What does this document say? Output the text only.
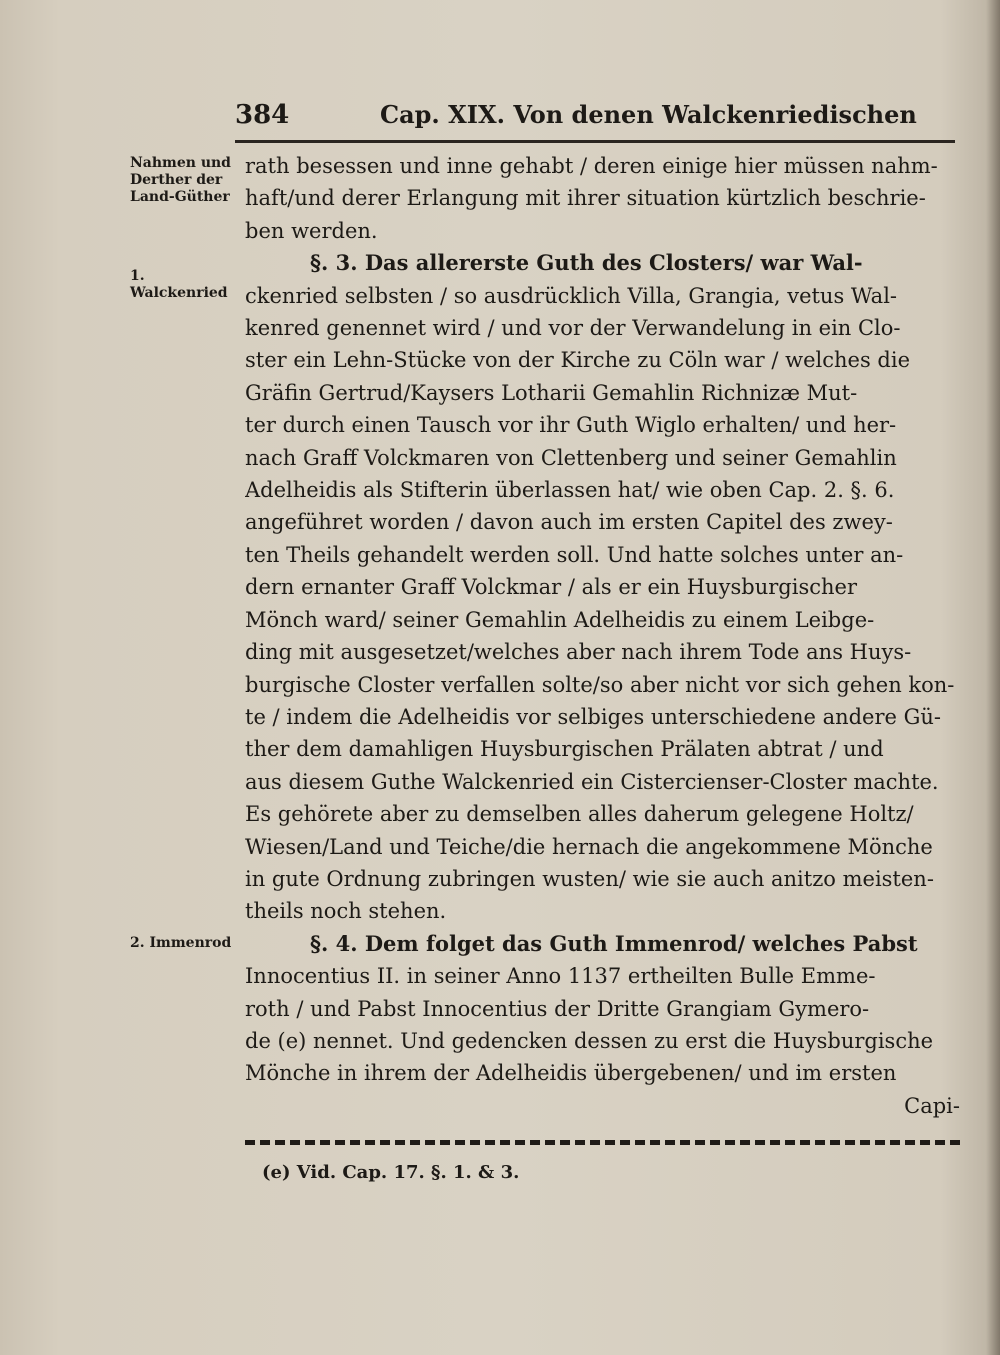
384	Cap. XIX. Von denen Walckenriedischen
Nahmen und Derther der Land-Güther
1. Walckenried
2. Immenrod
rath besessen und inne gehabt / deren einige hier müssen nahm-
haft/und derer Erlangung mit ihrer situation kürtzlich beschrie-
ben werden.
§. 3. Das allererste Guth des Closters/ war Wal-
ckenried selbsten / so ausdrücklich Villa, Grangia, vetus Wal-
kenred genennet wird / und vor der Verwandelung in ein Clo-
ster ein Lehn-Stücke von der Kirche zu Cöln war / welches die
Gräfin Gertrud/Kaysers Lotharii Gemahlin Richnizæ Mut-
ter durch einen Tausch vor ihr Guth Wiglo erhalten/ und her-
nach Graff Volckmaren von Clettenberg und seiner Gemahlin
Adelheidis als Stifterin überlassen hat/ wie oben Cap. 2. §. 6.
angeführet worden / davon auch im ersten Capitel des zwey-
ten Theils gehandelt werden soll. Und hatte solches unter an-
dern ernanter Graff Volckmar / als er ein Huysburgischer
Mönch ward/ seiner Gemahlin Adelheidis zu einem Leibge-
ding mit ausgesetzet/welches aber nach ihrem Tode ans Huys-
burgische Closter verfallen solte/so aber nicht vor sich gehen kon-
te / indem die Adelheidis vor selbiges unterschiedene andere Gü-
ther dem damahligen Huysburgischen Prälaten abtrat / und
aus diesem Guthe Walckenried ein Cistercienser-Closter machte.
Es gehörete aber zu demselben alles daherum gelegene Holtz/
Wiesen/Land und Teiche/die hernach die angekommene Mönche
in gute Ordnung zubringen wusten/ wie sie auch anitzo meisten-
theils noch stehen.
§. 4. Dem folget das Guth Immenrod/ welches Pabst
Innocentius II. in seiner Anno 1137 ertheilten Bulle Emme-
roth / und Pabst Innocentius der Dritte Grangiam Gymero-
de (e) nennet. Und gedencken dessen zu erst die Huysburgische
Mönche in ihrem der Adelheidis übergebenen/ und im ersten
Capi-
(e) Vid. Cap. 17. §. 1. & 3.
